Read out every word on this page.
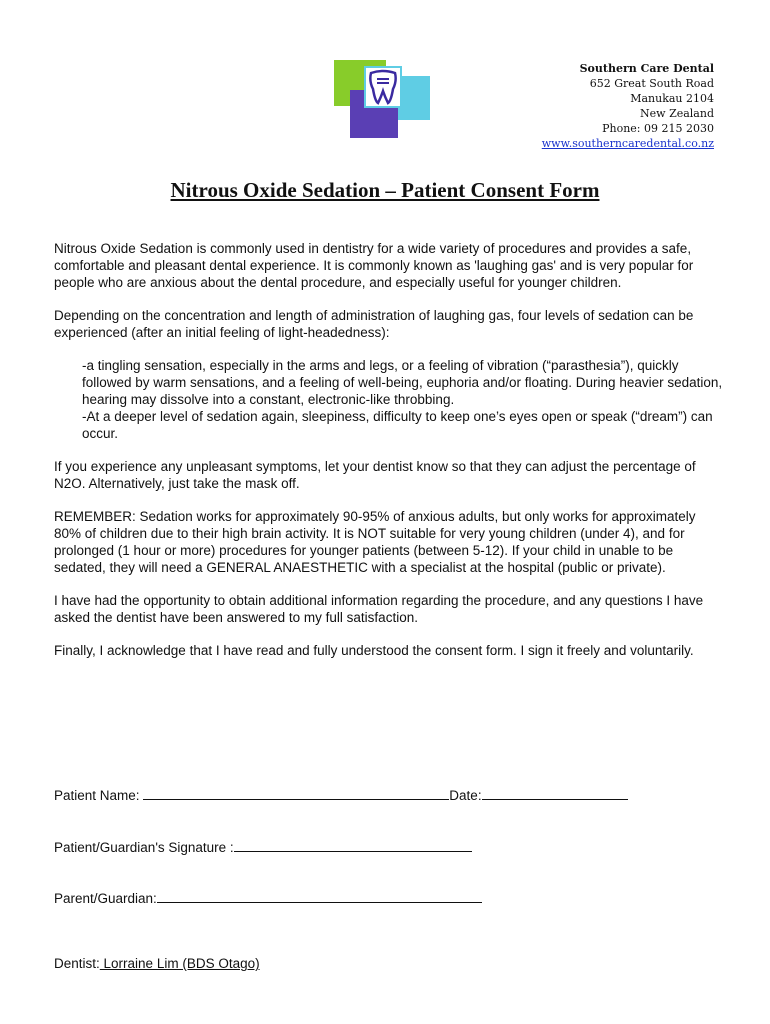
Southern Care Dental
652 Great South Road
Manukau 2104
New Zealand
Phone: 09 215 2030
www.southerncaredental.co.nz
Nitrous Oxide Sedation – Patient Consent Form

Nitrous Oxide Sedation is commonly used in dentistry for a wide variety of procedures and provides a safe, comfortable and pleasant dental experience. It is commonly known as 'laughing gas' and is very popular for people who are anxious about the dental procedure, and especially useful for younger children.

Depending on the concentration and length of administration of laughing gas, four levels of sedation can be experienced (after an initial feeling of light-headedness):

-a tingling sensation, especially in the arms and legs, or a feeling of vibration (“parasthesia”), quickly followed by warm sensations, and a feeling of well-being, euphoria and/or floating. During heavier sedation, hearing may dissolve into a constant, electronic-like throbbing.
-At a deeper level of sedation again, sleepiness, difficulty to keep one’s eyes open or speak (“dream”) can occur.

If you experience any unpleasant symptoms, let your dentist know so that they can adjust the percentage of N2O. Alternatively, just take the mask off.

REMEMBER: Sedation works for approximately 90-95% of anxious adults, but only works for approximately 80% of children due to their high brain activity. It is NOT suitable for very young children (under 4), and for prolonged (1 hour or more) procedures for younger patients (between 5-12). If your child in unable to be sedated, they will need a GENERAL ANAESTHETIC with a specialist at the hospital (public or private).

I have had the opportunity to obtain additional information regarding the procedure, and any questions I have asked the dentist have been answered to my full satisfaction.

Finally, I acknowledge that I have read and fully understood the consent form. I sign it freely and voluntarily.

Patient Name:	Date:
Patient/Guardian's Signature :
Parent/Guardian:
Dentist: Lorraine Lim (BDS Otago)
